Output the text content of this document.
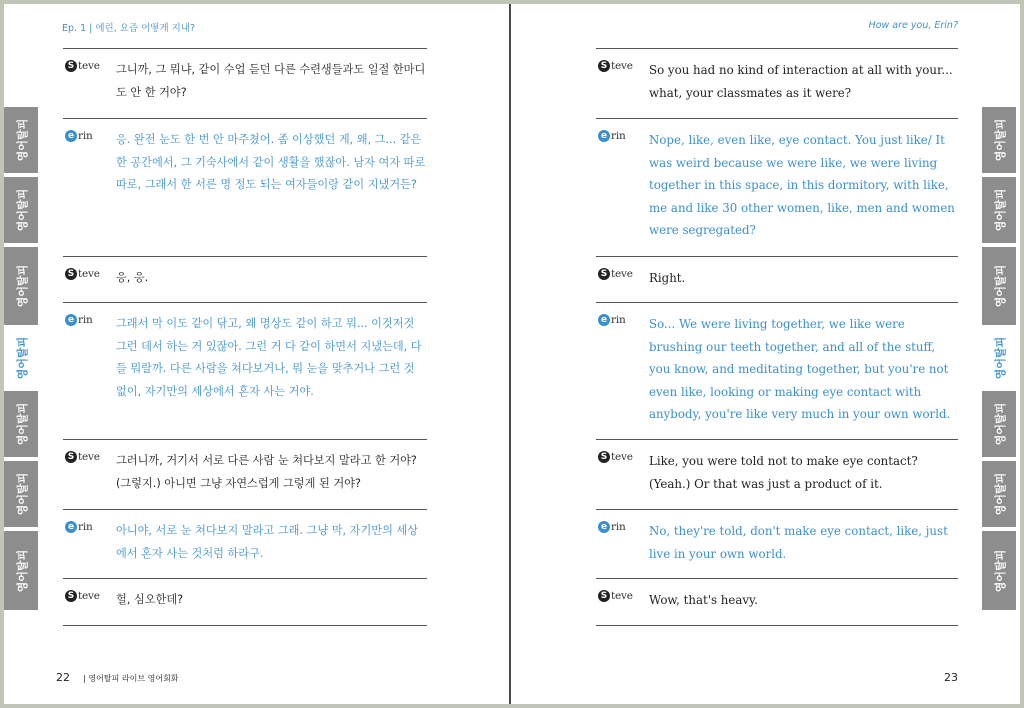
Ep. 1 | 에린, 요즘 어떻게 지내?
S teve 그니까, 그 뭐냐, 같이 수업 듣던 다른 수련생들과도 일절 한마디도 안 한 거야?
e rin 응. 완전 눈도 한 번 안 마주쳤어. 좀 이상했던 게, 왜, 그... 같은 한 공간에서, 그 기숙사에서 같이 생활을 했잖아. 남자 여자 따로 따로, 그래서 한 서른 명 정도 되는 여자들이랑 같이 지냈거든?
S teve 응, 응.
e rin 그래서 막 이도 같이 닦고, 왜 명상도 같이 하고 뭐... 이것저것 그런 데서 하는 거 있잖아. 그런 거 다 같이 하면서 지냈는데, 다들 뭐랄까. 다른 사람을 쳐다보거나, 뭐 눈을 맞추거나 그런 것 없이, 자기만의 세상에서 혼자 사는 거야.
S teve 그러니까, 거기서 서로 다른 사람 눈 쳐다보지 말라고 한 거야? (그렇지.) 아니면 그냥 자연스럽게 그렇게 된 거야?
e rin 아니야, 서로 눈 쳐다보지 말라고 그래. 그냥 막, 자기만의 세상에서 혼자 사는 것처럼 하라구.
S teve 헐, 심오한데?
영어탈피
영어탈피
영어탈피
영어탈피
영어탈피
영어탈피
영어탈피
22 | 영어탈피 라이브 영어회화
How are you, Erin?
S teve So you had no kind of interaction at all with your... what, your classmates as it were?
e rin Nope, like, even like, eye contact. You just like/ It was weird because we were like, we were living together in this space, in this dormitory, with like, me and like 30 other women, like, men and women were segregated?
S teve Right.
e rin So... We were living together, we like were brushing our teeth together, and all of the stuff, you know, and meditating together, but you're not even like, looking or making eye contact with anybody, you're like very much in your own world.
S teve Like, you were told not to make eye contact? (Yeah.) Or that was just a product of it.
e rin No, they're told, don't make eye contact, like, just live in your own world.
S teve Wow, that's heavy.
영어탈피
영어탈피
영어탈피
영어탈피
영어탈피
영어탈피
영어탈피
23
